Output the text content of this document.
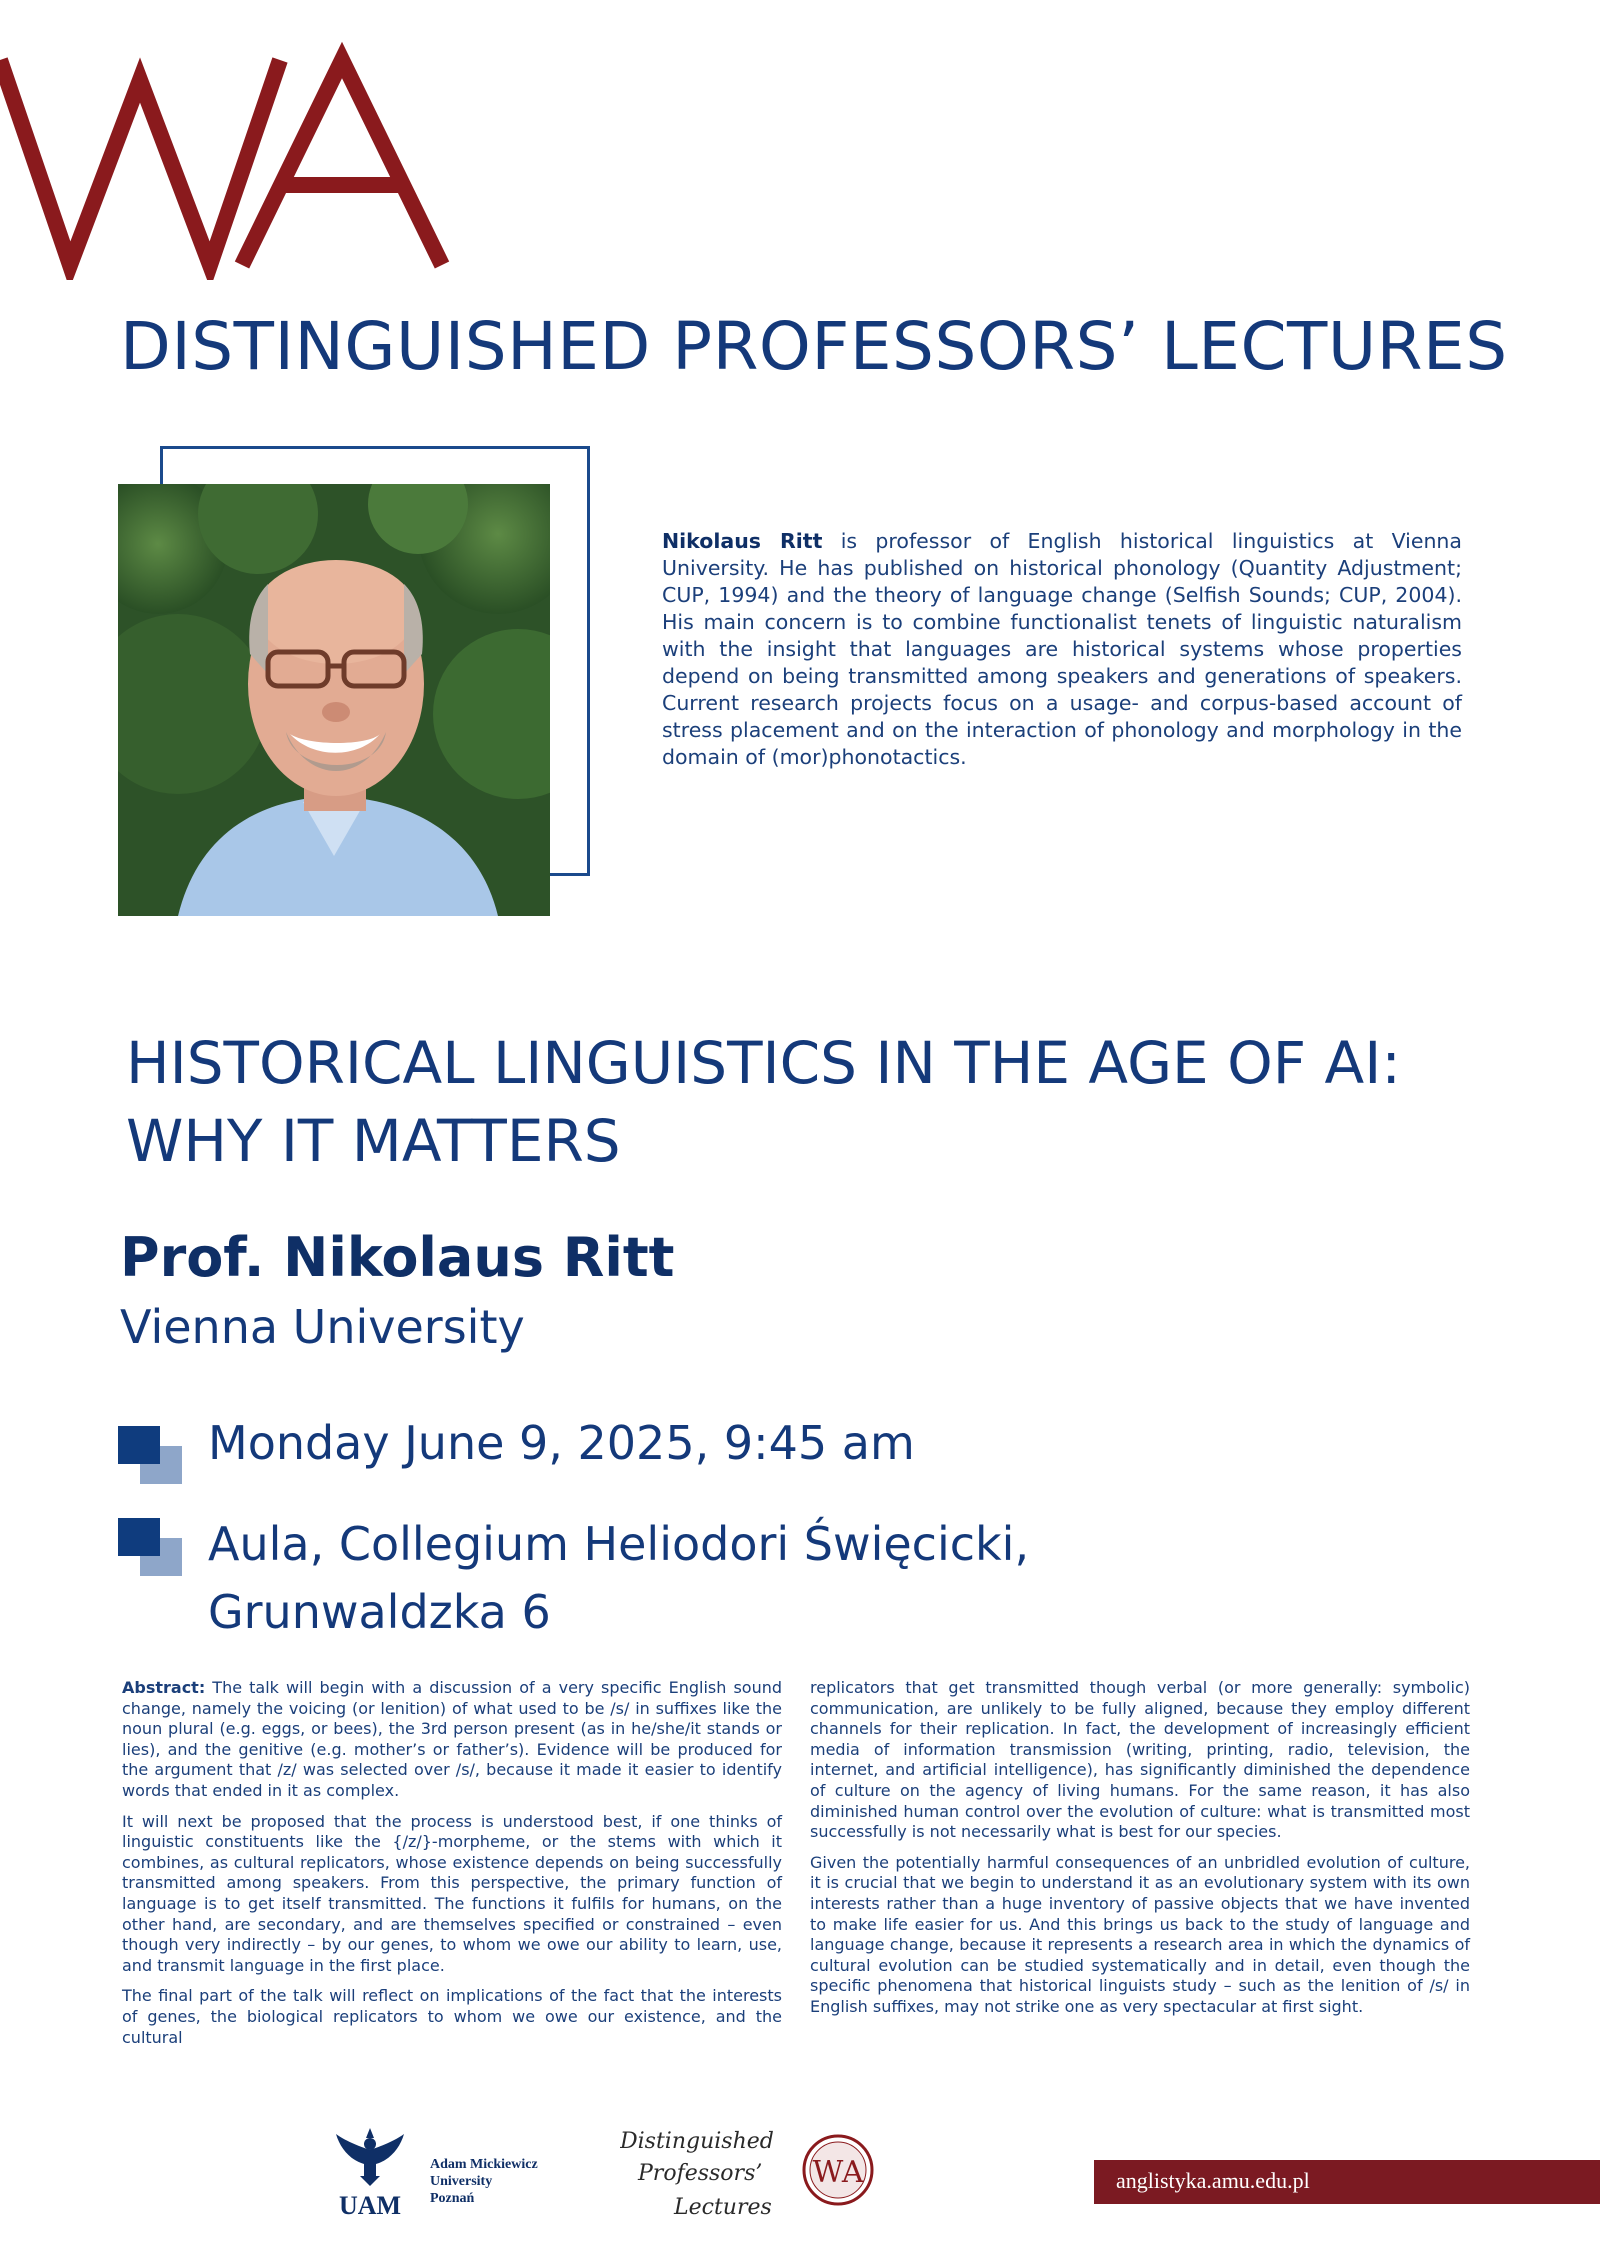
DISTINGUISHED PROFESSORS’ LECTURES
Nikolaus Ritt is professor of English historical linguistics at Vienna University. He has published on historical phonology (Quantity Adjustment; CUP, 1994) and the theory of language change (Selfish Sounds; CUP, 2004). His main concern is to combine functionalist tenets of linguistic naturalism with the insight that languages are historical systems whose properties depend on being transmitted among speakers and generations of speakers. Current research projects focus on a usage- and corpus-based account of stress placement and on the interaction of phonology and morphology in the domain of (mor)phonotactics.
HISTORICAL LINGUISTICS IN THE AGE OF AI:
WHY IT MATTERS
Prof. Nikolaus Ritt
Vienna University
Monday June 9, 2025, 9:45 am
Aula, Collegium Heliodori Święcicki,
Grunwaldzka 6

Abstract: The talk will begin with a discussion of a very specific English sound change, namely the voicing (or lenition) of what used to be /s/ in suffixes like the noun plural (e.g. eggs, or bees), the 3rd person present (as in he/she/it stands or lies), and the genitive (e.g. mother’s or father’s). Evidence will be produced for the argument that /z/ was selected over /s/, because it made it easier to identify words that ended in it as complex.

It will next be proposed that the process is understood best, if one thinks of linguistic constituents like the {/z/}-morpheme, or the stems with which it combines, as cultural replicators, whose existence depends on being successfully transmitted among speakers. From this perspective, the primary function of language is to get itself transmitted. The functions it fulfils for humans, on the other hand, are secondary, and are themselves specified or constrained – even though very indirectly – by our genes, to whom we owe our ability to learn, use, and transmit language in the first place.

The final part of the talk will reflect on implications of the fact that the interests of genes, the biological replicators to whom we owe our existence, and the cultural

replicators that get transmitted though verbal (or more generally: symbolic) communication, are unlikely to be fully aligned, because they employ different channels for their replication. In fact, the development of increasingly efficient media of information transmission (writing, printing, radio, television, the internet, and artificial intelligence), has significantly diminished the dependence of culture on the agency of living humans. For the same reason, it has also diminished human control over the evolution of culture: what is transmitted most successfully is not necessarily what is best for our species.

Given the potentially harmful consequences of an unbridled evolution of culture, it is crucial that we begin to understand it as an evolutionary system with its own interests rather than a huge inventory of passive objects that we have invented to make life easier for us. And this brings us back to the study of language and language change, because it represents a research area in which the dynamics of cultural evolution can be studied systematically and in detail, even though the specific phenomena that historical linguists study – such as the lenition of /s/ in English suffixes, may not strike one as very spectacular at first sight.

UAM
Adam Mickiewicz
University
Poznań
Distinguished
Professors’
Lectures
WA	anglistyka.amu.edu.pl
